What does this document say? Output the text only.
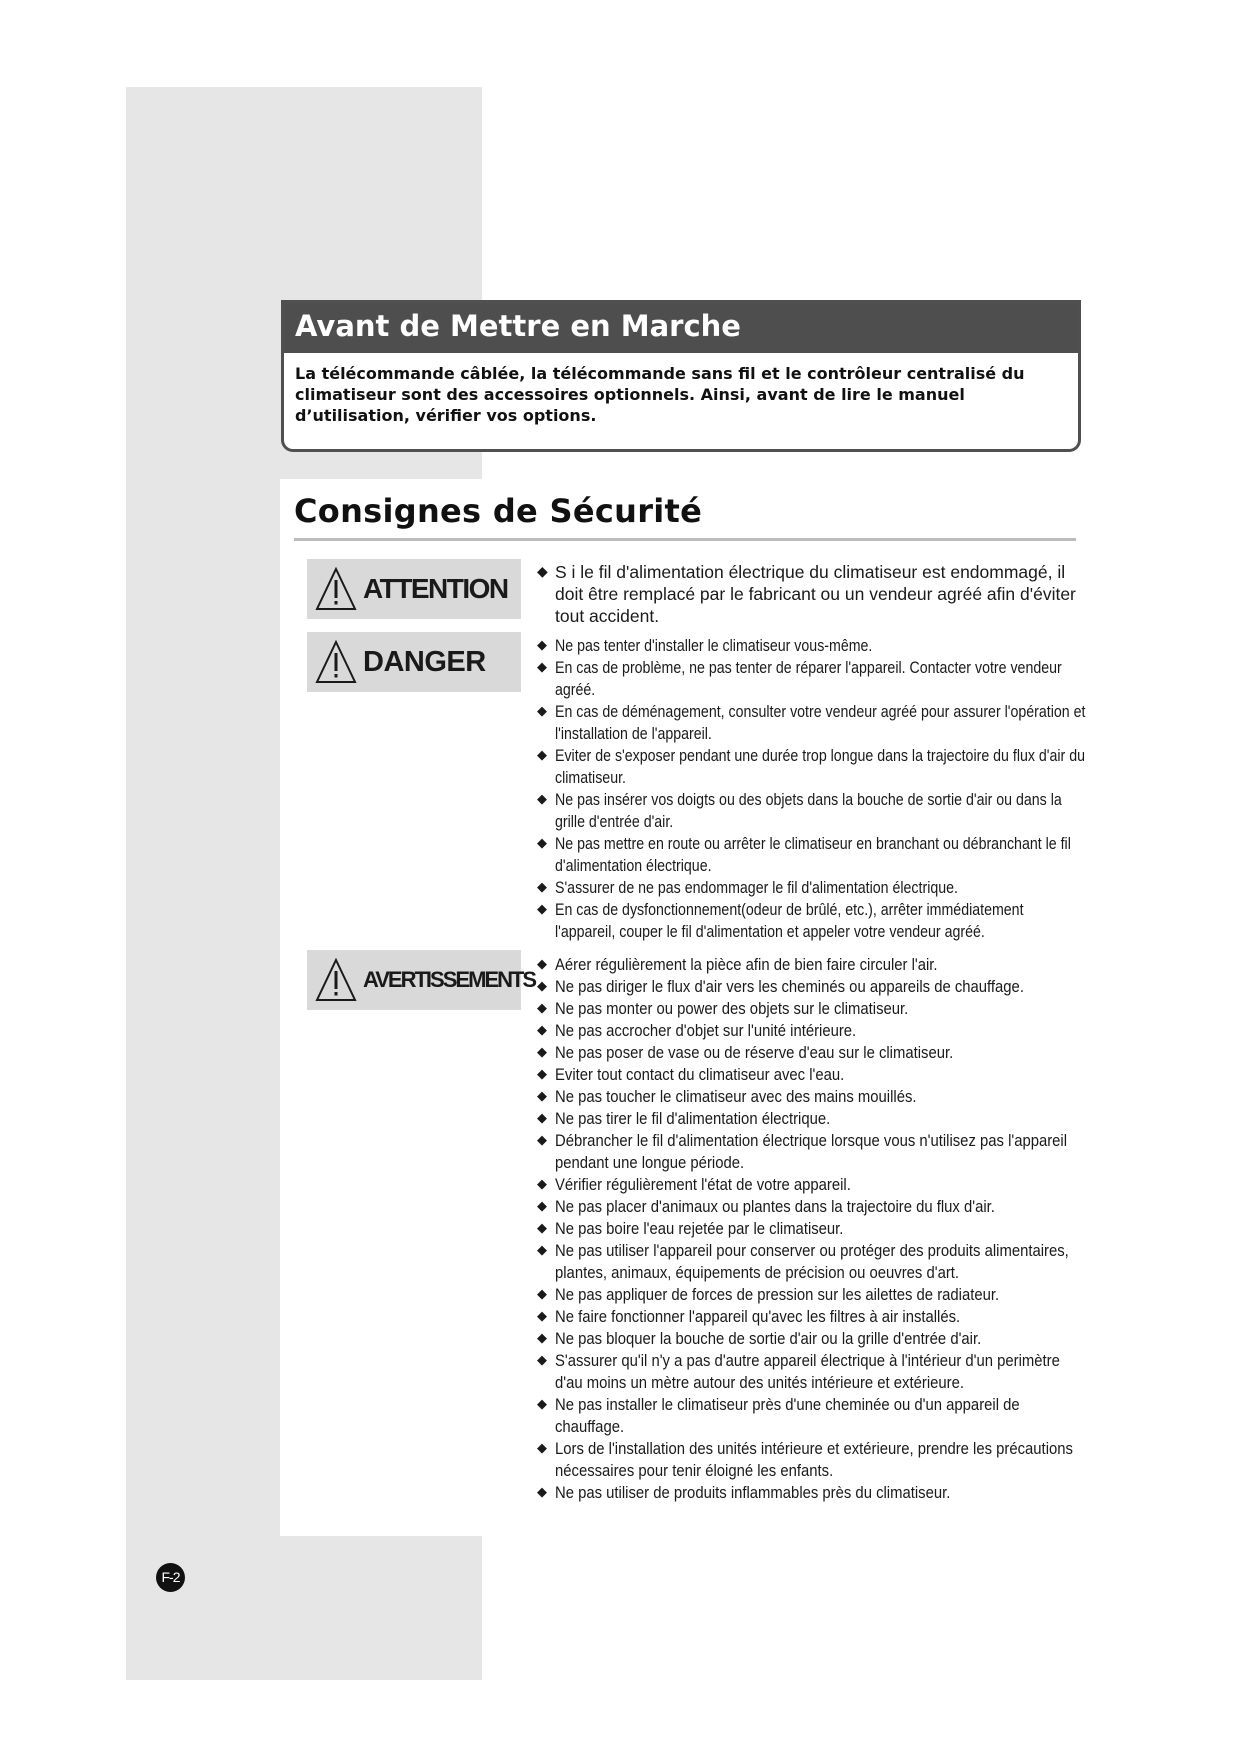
Avant de Mettre en Marche
La télécommande câblée, la télécommande sans fil et le contrôleur centralisé du climatiseur sont des accessoires optionnels. Ainsi, avant de lire le manuel d’utilisation, vérifier vos options.
Consignes de Sécurité
ATTENTION
◆ S i le fil d'alimentation électrique du climatiseur est endommagé, il doit être remplacé par le fabricant ou un vendeur agréé afin d'éviter tout accident.
DANGER
◆	Ne pas tenter d'installer le climatiseur vous-même.
◆ En cas de problème, ne pas tenter de réparer l'appareil. Contacter votre vendeur agréé.
◆ En cas de déménagement, consulter votre vendeur agréé pour assurer l'opération et l'installation de l'appareil.
◆ Eviter de s'exposer pendant une durée trop longue dans la trajectoire du flux d'air du climatiseur.
◆ Ne pas insérer vos doigts ou des objets dans la bouche de sortie d'air ou dans la grille d'entrée d'air.
◆ Ne pas mettre en route ou arrêter le climatiseur en branchant ou débranchant le fil d'alimentation électrique.
◆ S'assurer de ne pas endommager le fil d'alimentation électrique.
◆ En cas de dysfonctionnement(odeur de brûlé, etc.), arrêter immédiatement l'appareil, couper le fil d'alimentation et appeler votre vendeur agréé.
AVERTISSEMENTS
◆ Aérer régulièrement la pièce afin de bien faire circuler l'air.
◆ Ne pas diriger le flux d'air vers les cheminés ou appareils de chauffage.
◆ Ne pas monter ou power des objets sur le climatiseur.
◆ Ne pas accrocher d'objet sur l'unité intérieure.
◆ Ne pas poser de vase ou de réserve d'eau sur le climatiseur.
◆ Eviter tout contact du climatiseur avec l'eau.
◆ Ne pas toucher le climatiseur avec des mains mouillés.
◆ Ne pas tirer le fil d'alimentation électrique.
◆ Débrancher le fil d'alimentation électrique lorsque vous n'utilisez pas l'appareil pendant une longue période.
◆ Vérifier régulièrement l'état de votre appareil.
◆ Ne pas placer d'animaux ou plantes dans la trajectoire du flux d'air.
◆ Ne pas boire l'eau rejetée par le climatiseur.
◆ Ne pas utiliser l'appareil pour conserver ou protéger des produits alimentaires, plantes, animaux, équipements de précision ou oeuvres d'art.
◆ Ne pas appliquer de forces de pression sur les ailettes de radiateur.
◆ Ne faire fonctionner l'appareil qu'avec les filtres à air installés.
◆ Ne pas bloquer la bouche de sortie d'air ou la grille d'entrée d'air.
◆ S'assurer qu'il n'y a pas d'autre appareil électrique à l'intérieur d'un perimètre d'au moins un mètre autour des unités intérieure et extérieure.
◆ Ne pas installer le climatiseur près d'une cheminée ou d'un appareil de chauffage.
◆ Lors de l'installation des unités intérieure et extérieure, prendre les précautions nécessaires pour tenir éloigné les enfants.
◆ Ne pas utiliser de produits inflammables près du climatiseur.
F-2
